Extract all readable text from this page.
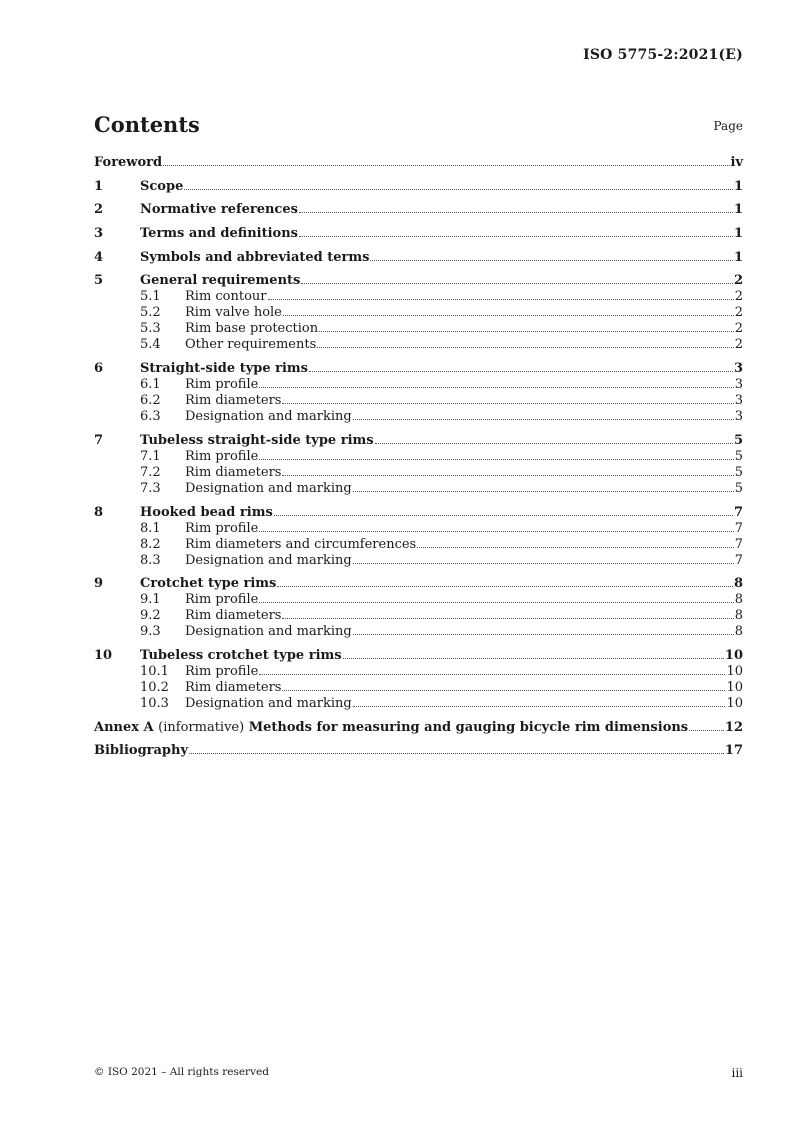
ISO 5775-2:2021(E)
Contents	Page
Foreword	iv
1	Scope	1
2	Normative references	1
3	Terms and definitions	1
4	Symbols and abbreviated terms	1
5	General requirements	2
5.1	Rim contour	2
5.2	Rim valve hole	2
5.3	Rim base protection	2
5.4	Other requirements	2
6	Straight-side type rims	3
6.1	Rim profile	3
6.2	Rim diameters	3
6.3	Designation and marking	3
7	Tubeless straight-side type rims	5
7.1	Rim profile	5
7.2	Rim diameters	5
7.3	Designation and marking	5
8	Hooked bead rims	7
8.1	Rim profile	7
8.2	Rim diameters and circumferences	7
8.3	Designation and marking	7
9	Crotchet type rims	8
9.1	Rim profile	8
9.2	Rim diameters	8
9.3	Designation and marking	8
10	Tubeless crotchet type rims	10
10.1	Rim profile	10
10.2	Rim diameters	10
10.3	Designation and marking	10
Annex A (informative) Methods for measuring and gauging bicycle rim dimensions	12
Bibliography	17
© ISO 2021 – All rights reserved	iii
